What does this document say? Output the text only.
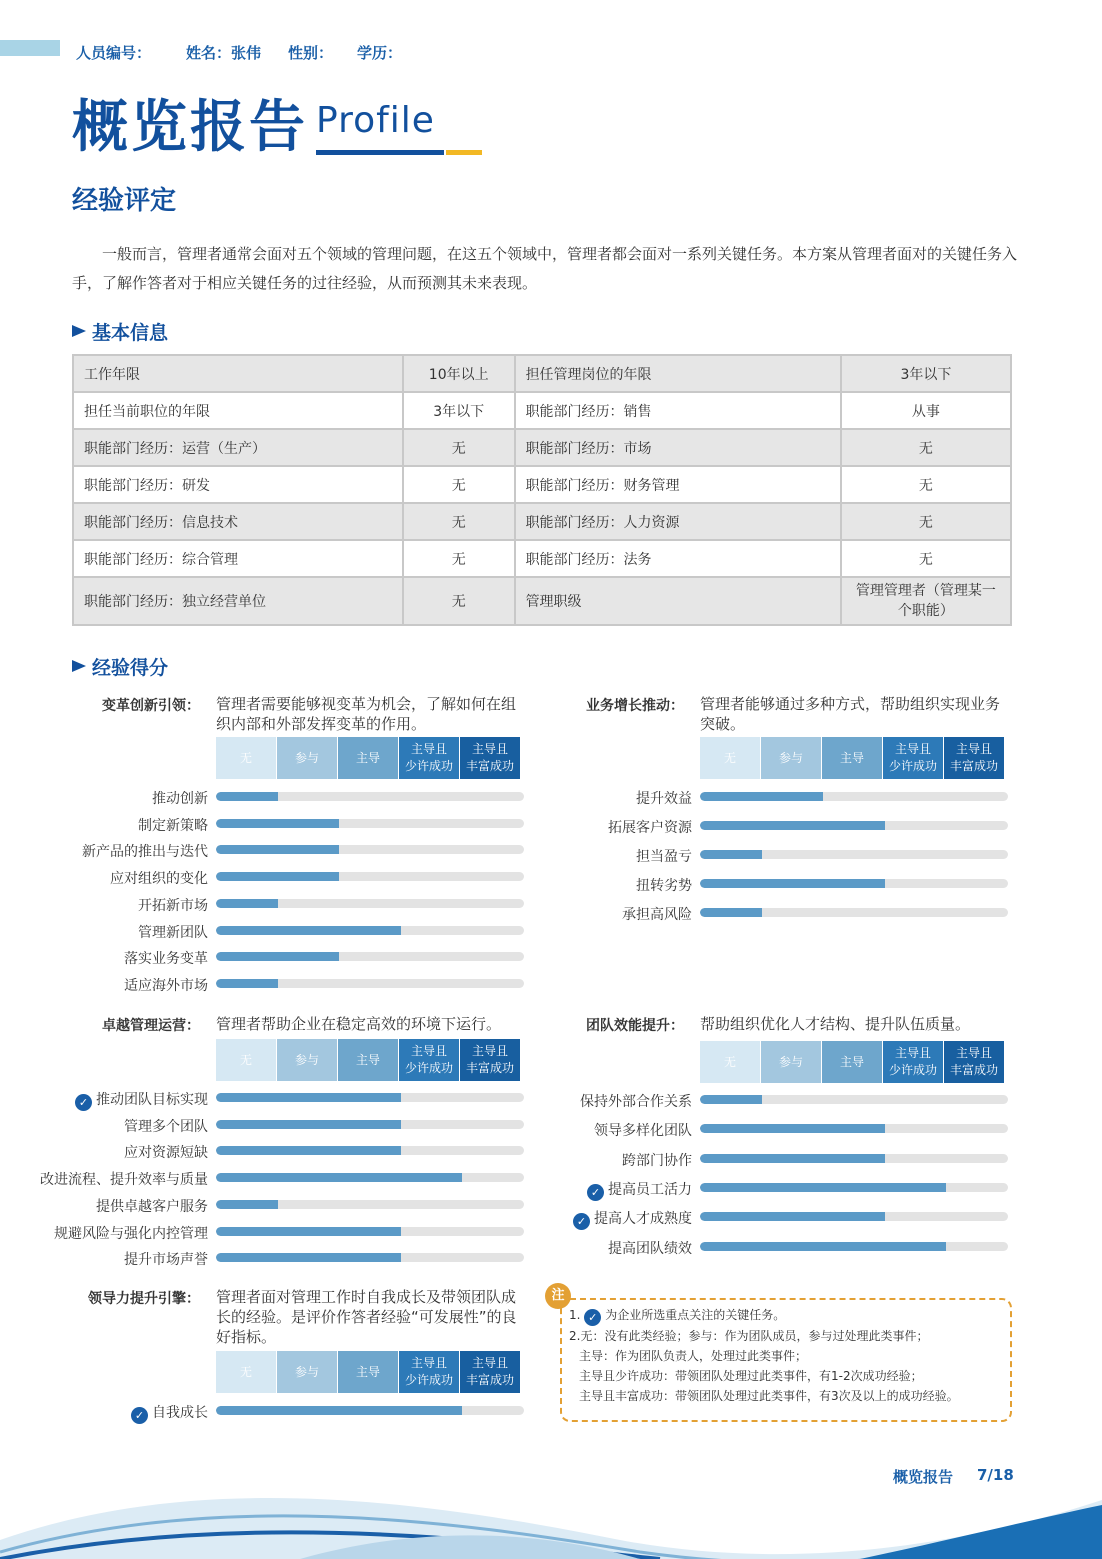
人员编号： 姓名：张伟 性别： 学历：
概览报告 Profile
经验评定
一般而言，管理者通常会面对五个领域的管理问题，在这五个领域中，管理者都会面对一系列关键任务。本方案从管理者面对的关键任务入手，了解作答者对于相应关键任务的过往经验，从而预测其未来表现。
基本信息
工作年限	10年以上	担任管理岗位的年限	3年以下
担任当前职位的年限	3年以下	职能部门经历：销售	从事
职能部门经历：运营（生产）	无	职能部门经历：市场	无
职能部门经历：研发	无	职能部门经历：财务管理	无
职能部门经历：信息技术	无	职能部门经历：人力资源	无
职能部门经历：综合管理	无	职能部门经历：法务	无
职能部门经历：独立经营单位	无	管理职级	管理管理者（管理某一个职能）
经验得分
变革创新引领： 管理者需要能够视变革为机会，了解如何在组织内部和外部发挥变革的作用。
无	参与	主导
主导且
少许成功
主导且
丰富成功
推动创新
制定新策略
新产品的推出与迭代
应对组织的变化
开拓新市场
管理新团队
落实业务变革
适应海外市场
业务增长推动： 管理者能够通过多种方式，帮助组织实现业务突破。
无	参与	主导
主导且
少许成功
主导且
丰富成功
提升效益
拓展客户资源
担当盈亏
扭转劣势
承担高风险
卓越管理运营： 管理者帮助企业在稳定高效的环境下运行。
无	参与	主导
主导且
少许成功
主导且
丰富成功
✓ 推动团队目标实现
管理多个团队
应对资源短缺
改进流程、提升效率与质量
提供卓越客户服务
规避风险与强化内控管理
提升市场声誉
团队效能提升： 帮助组织优化人才结构、提升队伍质量。
无	参与	主导
主导且
少许成功
主导且
丰富成功
保持外部合作关系
领导多样化团队
跨部门协作
✓ 提高员工活力
✓ 提高人才成熟度
提高团队绩效
领导力提升引擎： 管理者面对管理工作时自我成长及带领团队成长的经验。是评价作答者经验“可发展性”的良好指标。
无	参与	主导
主导且
少许成功
主导且
丰富成功
✓ 自我成长
注
1. ✓ 为企业所选重点关注的关键任务。
2.无：没有此类经验；参与：作为团队成员，参与过处理此类事件；
主导：作为团队负责人，处理过此类事件；
主导且少许成功：带领团队处理过此类事件，有1-2次成功经验；
主导且丰富成功：带领团队处理过此类事件，有3次及以上的成功经验。
概览报告 7/18
